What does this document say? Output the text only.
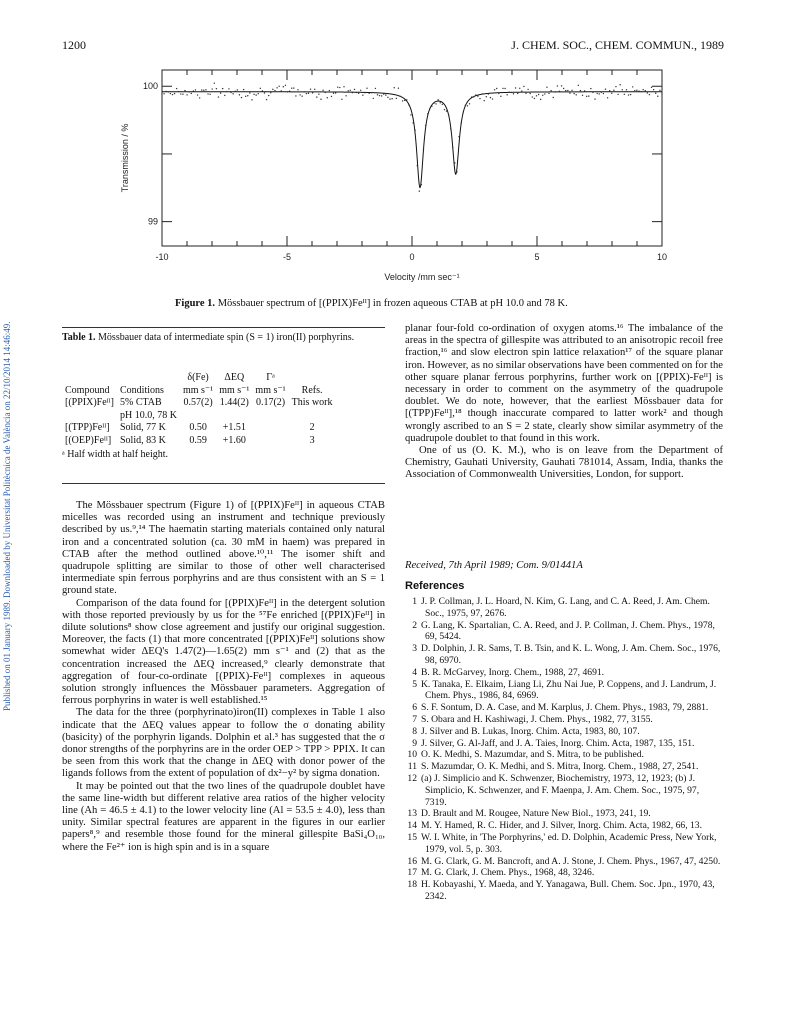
Published on 01 January 1989. Downloaded by Universitat Politècnica de València on 22/10/2014 14:46:49.
1200	J. CHEM. SOC., CHEM. COMMUN., 1989
-10	-5	0	5	10
100
99
Velocity /mm sec⁻¹
Transmission / %
Figure 1. Mössbauer spectrum of [(PPIX)Feᴵᴵ] in frozen aqueous CTAB at pH 10.0 and 78 K.
Table 1. Mössbauer data of intermediate spin (S = 1) iron(II) porphyrins.
		δ(Fe)	ΔEQ	Γᵃ	
Compound	Conditions	mm s⁻¹	mm s⁻¹	mm s⁻¹	Refs.
[(PPIX)Feᴵᴵ]	5% CTAB	0.57(2)	1.44(2)	0.17(2)	This work
	pH 10.0, 78 K				
[(TPP)Feᴵᴵ]	Solid, 77 K	0.50	+1.51		2
[(OEP)Feᴵᴵ]	Solid, 83 K	0.59	+1.60		3
ᵃ Half width at half height.

The Mössbauer spectrum (Figure 1) of [(PPIX)Feᴵᴵ] in aqueous CTAB micelles was recorded using an instrument and technique previously described by us.⁹,¹⁴ The haematin starting materials contained only natural iron and a concentrated solution (ca. 30 mM in haem) was prepared in CTAB after the method outlined above.¹⁰,¹¹ The isomer shift and quadrupole splitting are similar to those of other well characterised intermediate spin ferrous porphyrins and are thus consistent with an S = 1 ground state.

Comparison of the data found for [(PPIX)Feᴵᴵ] in the detergent solution with those reported previously by us for the ⁵⁷Fe enriched [(PPIX)Feᴵᴵ] in dilute solutions⁸ show close agreement and justify our original suggestion. Moreover, the facts (1) that more concentrated [(PPIX)Feᴵᴵ] solutions show somewhat wider ΔEQ's 1.47(2)—1.65(2) mm s⁻¹ and (2) that as the concentration increased the ΔEQ increased,⁹ clearly demonstrate that aggregation of four-co-ordinate [(PPIX)-Feᴵᴵ] complexes in aqueous solution strongly influences the Mössbauer parameters. Aggregation of ferrous porphyrins in water is well established.¹⁵

The data for the three (porphyrinato)iron(II) complexes in Table 1 also indicate that the ΔEQ values appear to follow the σ donating ability (basicity) of the porphyrin ligands. Dolphin et al.³ has suggested that the σ donor strengths of the porphyrins are in the order OEP > TPP > PPIX. It can be seen from this work that the change in ΔEQ with donor power of the ligands follows from the extent of population of dx²−y² by sigma donation.

It may be pointed out that the two lines of the quadrupole doublet have the same line-width but different relative area ratios of the higher velocity line (Ah = 46.5 ± 4.1) to the lower velocity line (Al = 53.5 ± 4.0), less than unity. Similar spectral features are apparent in the figures in our earlier papers⁸,⁹ and resemble those found for the mineral gillespite BaSi₄O₁₀, where the Fe²⁺ ion is high spin and is in a square

planar four-fold co-ordination of oxygen atoms.¹⁶ The imbalance of the areas in the spectra of gillespite was attributed to an anisotropic recoil free fraction,¹⁶ and slow electron spin lattice relaxation¹⁷ of the square planar iron. However, as no similar observations have been commented on for the other square planar ferrous porphyrins, further work on [(PPIX)-Feᴵᴵ] is necessary in order to comment on the asymmetry of the quadrupole doublet. We do note, however, that the earliest Mössbauer data for [(TPP)Feᴵᴵ],¹⁸ though inaccurate compared to latter work² and though wrongly ascribed to an S = 2 state, clearly show similar asymmetry of the quadrupole doublet to that found in this work.

One of us (O. K. M.), who is on leave from the Department of Chemistry, Gauhati University, Gauhati 781014, Assam, India, thanks the Association of Commonwealth Universities, London, for support.

Received, 7th April 1989; Com. 9/01441A
References
1 J. P. Collman, J. L. Hoard, N. Kim, G. Lang, and C. A. Reed, J. Am. Chem. Soc., 1975, 97, 2676.
2 G. Lang, K. Spartalian, C. A. Reed, and J. P. Collman, J. Chem. Phys., 1978, 69, 5424.
3 D. Dolphin, J. R. Sams, T. B. Tsin, and K. L. Wong, J. Am. Chem. Soc., 1976, 98, 6970.
4 B. R. McGarvey, Inorg. Chem., 1988, 27, 4691.
5 K. Tanaka, E. Elkaim, Liang Li, Zhu Nai Jue, P. Coppens, and J. Landrum, J. Chem. Phys., 1986, 84, 6969.
6 S. F. Sontum, D. A. Case, and M. Karplus, J. Chem. Phys., 1983, 79, 2881.
7 S. Obara and H. Kashiwagi, J. Chem. Phys., 1982, 77, 3155.
8 J. Silver and B. Lukas, Inorg. Chim. Acta, 1983, 80, 107.
9 J. Silver, G. Al-Jaff, and J. A. Taies, Inorg. Chim. Acta, 1987, 135, 151.
10 O. K. Medhi, S. Mazumdar, and S. Mitra, to be published.
11 S. Mazumdar, O. K. Medhi, and S. Mitra, Inorg. Chem., 1988, 27, 2541.
12 (a) J. Simplicio and K. Schwenzer, Biochemistry, 1973, 12, 1923; (b) J. Simplicio, K. Schwenzer, and F. Maenpa, J. Am. Chem. Soc., 1975, 97, 7319.
13 D. Brault and M. Rougee, Nature New Biol., 1973, 241, 19.
14 M. Y. Hamed, R. C. Hider, and J. Silver, Inorg. Chim. Acta, 1982, 66, 13.
15 W. I. White, in 'The Porphyrins,' ed. D. Dolphin, Academic Press, New York, 1979, vol. 5, p. 303.
16 M. G. Clark, G. M. Bancroft, and A. J. Stone, J. Chem. Phys., 1967, 47, 4250.
17 M. G. Clark, J. Chem. Phys., 1968, 48, 3246.
18 H. Kobayashi, Y. Maeda, and Y. Yanagawa, Bull. Chem. Soc. Jpn., 1970, 43, 2342.
